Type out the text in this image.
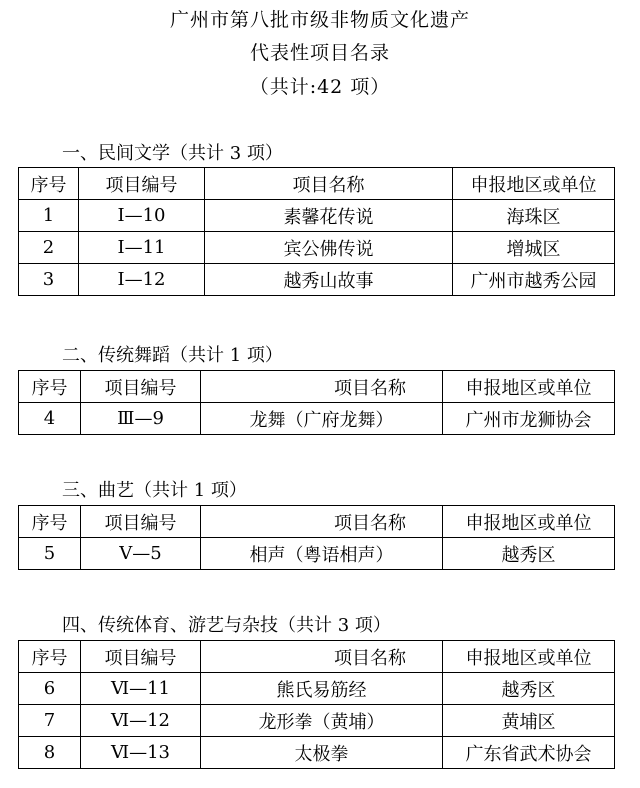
广州市第八批市级非物质文化遗产
代表性项目名录
（共计:42 项）
一、民间文学（共计 3 项）
序号	项目编号	项目名称	申报地区或单位
1	Ⅰ—10	素馨花传说	海珠区
2	Ⅰ—11	宾公佛传说	增城区
3	Ⅰ—12	越秀山故事	广州市越秀公园
二、传统舞蹈（共计 1 项）
序号	项目编号	项目名称	申报地区或单位
4	Ⅲ—9	龙舞（广府龙舞）	广州市龙狮协会
三、曲艺（共计 1 项）
序号	项目编号	项目名称	申报地区或单位
5	Ⅴ—5	相声（粤语相声）	越秀区
四、传统体育、游艺与杂技（共计 3 项）
序号	项目编号	项目名称	申报地区或单位
6	Ⅵ—11	熊氏易筋经	越秀区
7	Ⅵ—12	龙形拳（黄埔）	黄埔区
8	Ⅵ—13	太极拳	广东省武术协会
